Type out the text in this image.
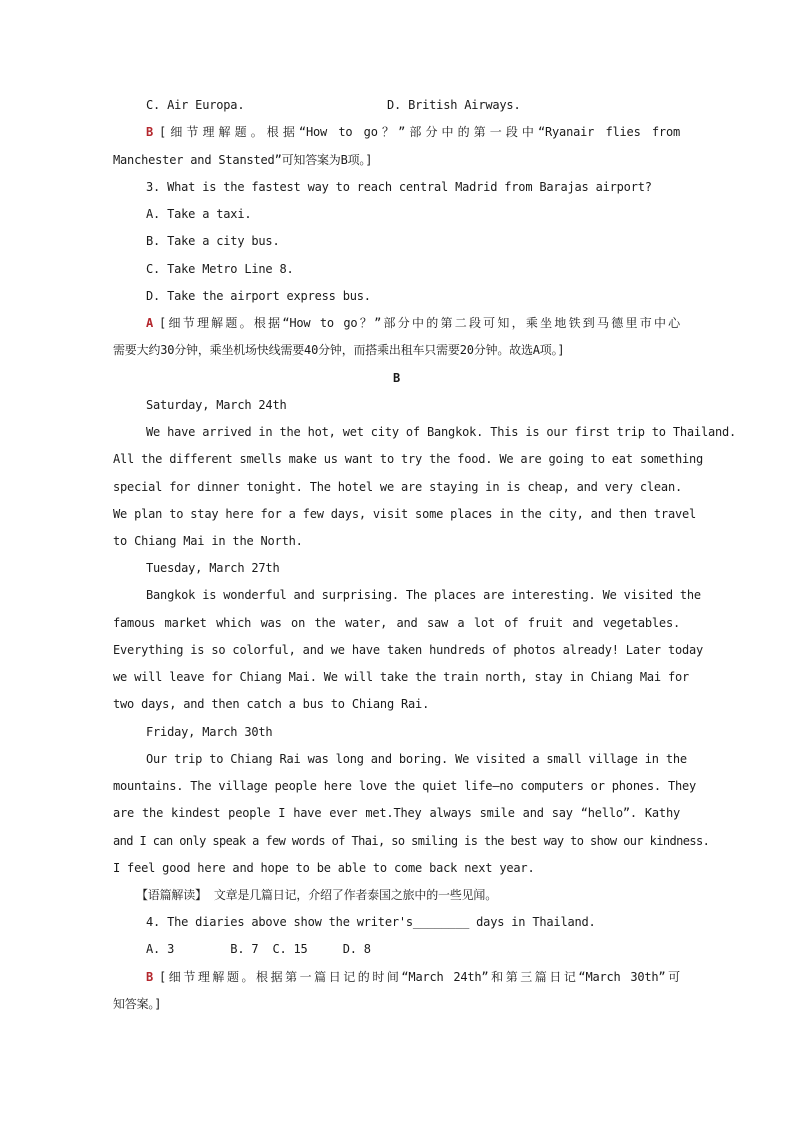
C. Air Europa.	D. British Airways.
B [细节理解题。根据“How to go？”部分中的第一段中“Ryanair flies from
Manchester and Stansted”可知答案为B项。]
3. What is the fastest way to reach central Madrid from Barajas airport?
A. Take a taxi.
B. Take a city bus.
C. Take Metro Line 8.
D. Take the airport express bus.
A [细节理解题。根据“How to go？”部分中的第二段可知，乘坐地铁到马德里市中心
需要大约30分钟，乘坐机场快线需要40分钟，而搭乘出租车只需要20分钟。故选A项。]
B
Saturday, March 24th
We have arrived in the hot, wet city of Bangkok. This is our first trip to Thailand.
All the different smells make us want to try the food. We are going to eat something
special for dinner tonight. The hotel we are staying in is cheap, and very clean.
We plan to stay here for a few days, visit some places in the city, and then travel
to Chiang Mai in the North.
Tuesday, March 27th
Bangkok is wonderful and surprising. The places are interesting. We visited the
famous market which was on the water, and saw a lot of fruit and vegetables.
Everything is so colorful, and we have taken hundreds of photos already! Later today
we will leave for Chiang Mai. We will take the train north, stay in Chiang Mai for
two days, and then catch a bus to Chiang Rai.
Friday, March 30th
Our trip to Chiang Rai was long and boring. We visited a small village in the
mountains. The village people here love the quiet life—no computers or phones. They
are the kindest people I have ever met.They always smile and say “hello”. Kathy
and I can only speak a few words of Thai, so smiling is the best way to show our kindness.
I feel good here and hope to be able to come back next year.
【语篇解读】 文章是几篇日记，介绍了作者泰国之旅中的一些见闻。
4. The diaries above show the writer's________ days in Thailand.
A. 3        B. 7  C. 15     D. 8
B [细节理解题。根据第一篇日记的时间“March 24th”和第三篇日记“March 30th”可
知答案。]
